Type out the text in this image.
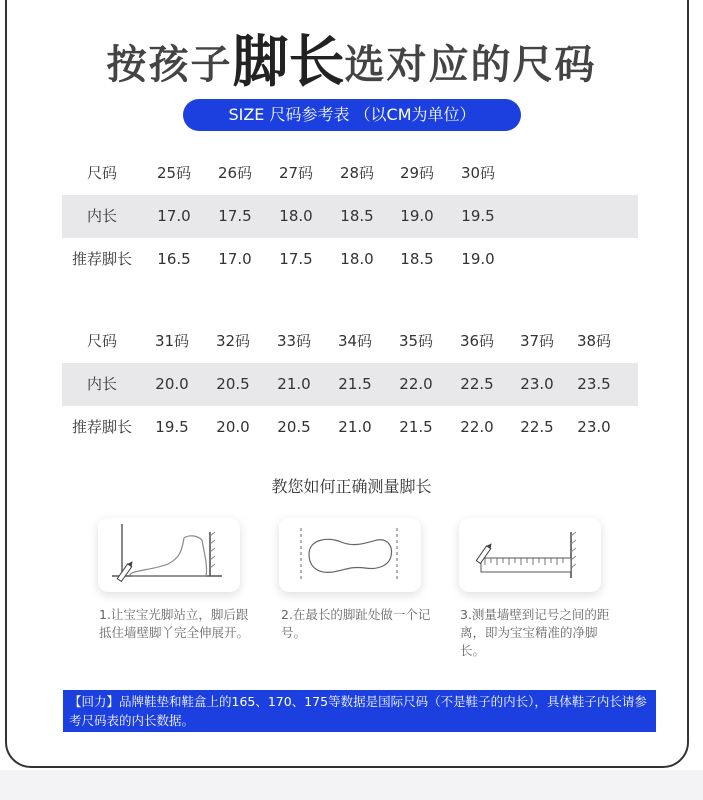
按孩子脚长选对应的尺码
SIZE 尺码参考表 （以CM为单位）
尺码	25码	26码	27码	28码	29码	30码
内长	17.0	17.5	18.0	18.5	19.0	19.5
推荐脚长	16.5	17.0	17.5	18.0	18.5	19.0
尺码	31码	32码	33码	34码	35码	36码	37码	38码
内长	20.0	20.5	21.0	21.5	22.0	22.5	23.0	23.5
推荐脚长	19.5	20.0	20.5	21.0	21.5	22.0	22.5	23.0
教您如何正确测量脚长
1.让宝宝光脚站立，脚后跟抵住墙壁脚丫完全伸展开。
2.在最长的脚趾处做一个记号。
3.测量墙壁到记号之间的距离，即为宝宝精准的净脚长。
【回力】品牌鞋垫和鞋盒上的165、170、175等数据是国际尺码（不是鞋子的内长），具体鞋子内长请参考尺码表的内长数据。
